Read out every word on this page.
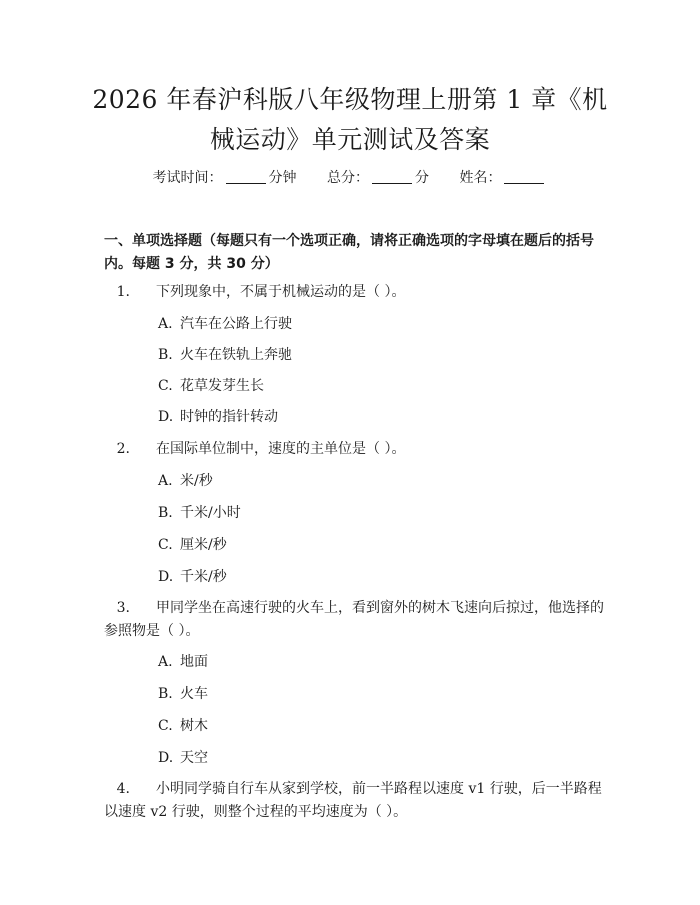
2026 年春沪科版八年级物理上册第 1 章《机
械运动》单元测试及答案
考试时间：	分钟 总分：	分 姓名：
一、单项选择题（每题只有一个选项正确，请将正确选项的字母填在题后的括号
内。每题 3 分，共 30 分）
1. 下列现象中，不属于机械运动的是（ ）。
A. 汽车在公路上行驶
B. 火车在铁轨上奔驰
C. 花草发芽生长
D. 时钟的指针转动
2. 在国际单位制中，速度的主单位是（ ）。
A. 米/秒
B. 千米/小时
C. 厘米/秒
D. 千米/秒
3. 甲同学坐在高速行驶的火车上，看到窗外的树木飞速向后掠过，他选择的
参照物是（ ）。
A. 地面
B. 火车
C. 树木
D. 天空
4. 小明同学骑自行车从家到学校，前一半路程以速度 v1 行驶，后一半路程
以速度 v2 行驶，则整个过程的平均速度为（ ）。
